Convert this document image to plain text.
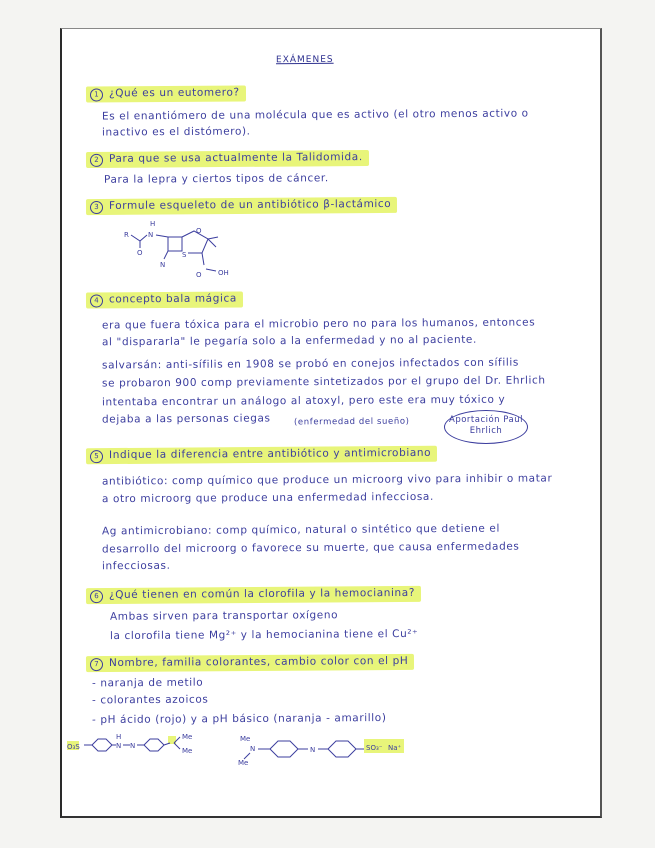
EXÁMENES
1 ¿Qué es un eutomero?
Es el enantiómero de una molécula que es activo (el otro menos activo o
inactivo es el distómero).
2 Para que se usa actualmente la Talidomida.
Para la lepra y ciertos tipos de cáncer.
3 Formule esqueleto de un antibiótico β-lactámico
R
H
N
O
N
S
O
O OH
4 concepto bala mágica
era que fuera tóxica para el microbio pero no para los humanos, entonces
al "dispararla" le pegaría solo a la enfermedad y no al paciente.
salvarsán: anti-sífilis en 1908 se probó en conejos infectados con sífilis
se probaron 900 comp previamente sintetizados por el grupo del Dr. Ehrlich
intentaba encontrar un análogo al atoxyl, pero este era muy tóxico y
dejaba a las personas ciegas	(enfermedad del sueño)	Aportación Paul
Ehrlich
5 Indique la diferencia entre antibiótico y antimicrobiano
antibiótico: comp químico que produce un microorg vivo para inhibir o matar
a otro microorg que produce una enfermedad infecciosa.
Ag antimicrobiano: comp químico, natural o sintético que detiene el
desarrollo del microorg o favorece su muerte, que causa enfermedades
infecciosas.
6 ¿Qué tienen en común la clorofila y la hemocianina?
Ambas sirven para transportar oxígeno
la clorofila tiene Mg²⁺ y la hemocianina tiene el Cu²⁺
7 Nombre, familia colorantes, cambio color con el pH
- naranja de metilo
- colorantes azoicos
- pH ácido (rojo) y a pH básico (naranja - amarillo)
O₃S
H
N N
Me
Me
Me
N
Me
N	SO₃⁻ Na⁺
